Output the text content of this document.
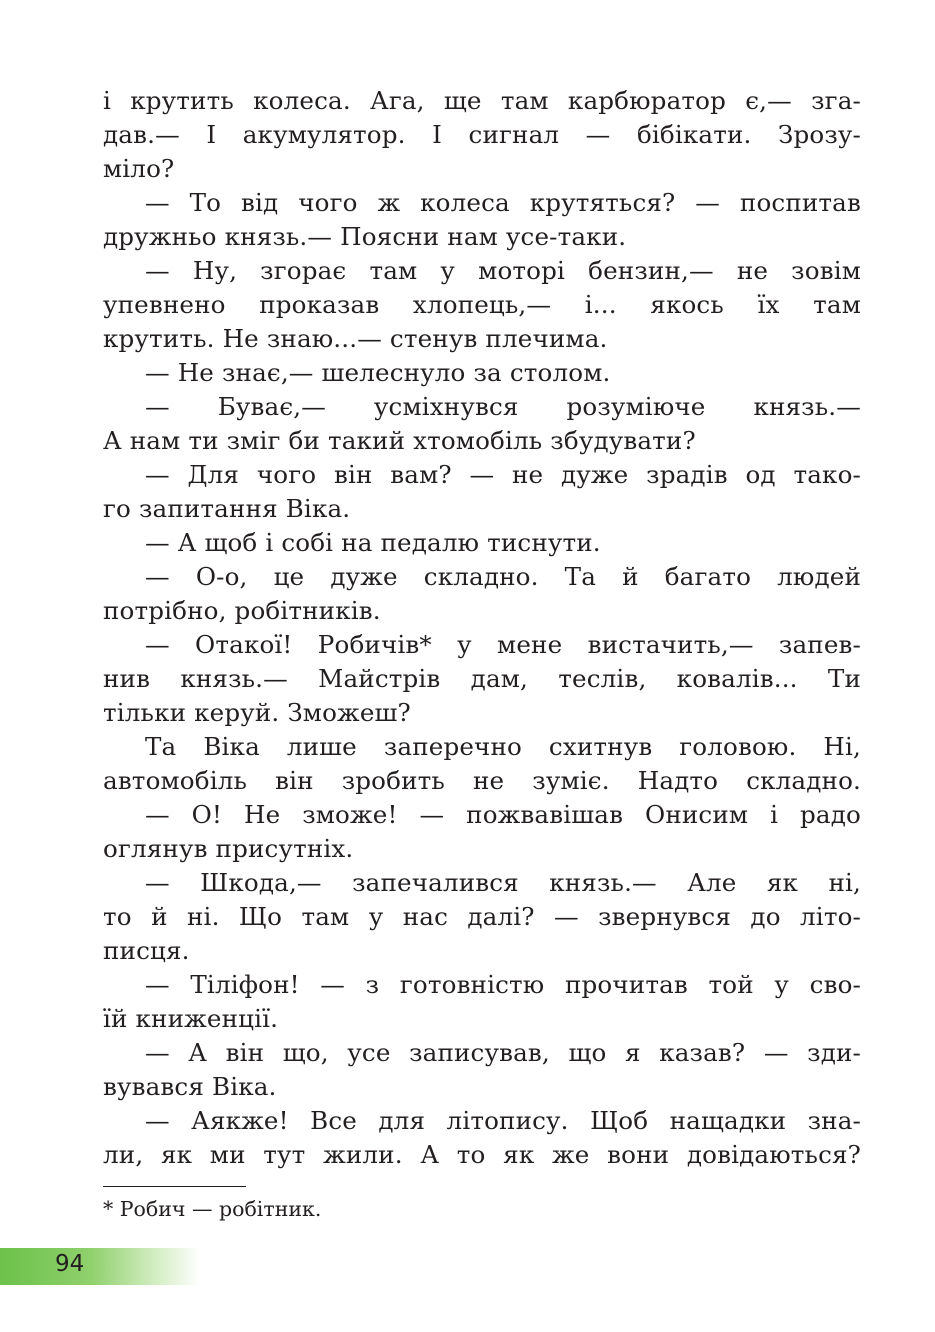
і крутить колеса. Ага, ще там карбюратор є,— зга-
дав.— І акумулятор. І сигнал — бібікати. Зрозу-
міло?
— То від чого ж колеса крутяться? — поспитав
дружньо князь.— Поясни нам усе-таки.
— Ну, згорає там у моторі бензин,— не зовім
упевнено проказав хлопець,— і... якось їх там
крутить. Не знаю...— стенув плечима.
— Не знає,— шелеснуло за столом.
— Буває,— усміхнувся розуміюче князь.—
А нам ти зміг би такий хтомобіль збудувати?
— Для чого він вам? — не дуже зрадів од тако-
го запитання Віка.
— А щоб і собі на педалю тиснути.
— О-о, це дуже складно. Та й багато людей
потрібно, робітників.
— Отакої! Робичів* у мене вистачить,— запев-
нив князь.— Майстрів дам, теслів, ковалів... Ти
тільки керуй. Зможеш?
Та Віка лише заперечно схитнув головою. Ні,
автомобіль він зробить не зуміє. Надто складно.
— О! Не зможе! — пожвавішав Онисим і радо
оглянув присутніх.
— Шкода,— запечалився князь.— Але як ні,
то й ні. Що там у нас далі? — звернувся до літо-
писця.
— Тіліфон! — з готовністю прочитав той у сво-
їй книженції.
— А він що, усе записував, що я казав? — зди-
вувався Віка.
— Аякже! Все для літопису. Щоб нащадки зна-
ли, як ми тут жили. А то як же вони довідаються?
* Робич — робітник.
94
